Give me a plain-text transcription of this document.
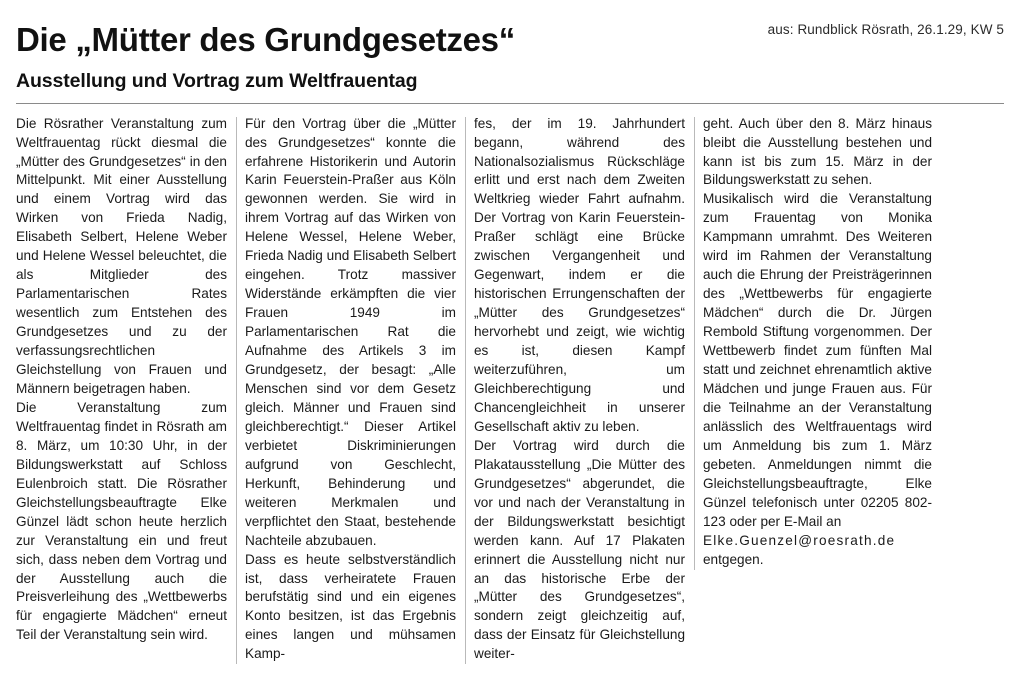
aus: Rundblick Rösrath, 26.1.29, KW 5
Die „Mütter des Grundgesetzes“
Ausstellung und Vortrag zum Weltfrauentag

Die Rösrather Veranstaltung zum Weltfrauentag rückt diesmal die „Mütter des Grundgesetzes“ in den Mittelpunkt. Mit einer Ausstellung und einem Vortrag wird das Wirken von Frieda Nadig, Elisabeth Selbert, Helene Weber und Helene Wessel beleuchtet, die als Mitglieder des Parlamentarischen Rates wesentlich zum Entstehen des Grundgesetzes und zu der verfassungsrechtlichen Gleichstellung von Frauen und Männern beigetragen haben.

Die Veranstaltung zum Weltfrauentag findet in Rösrath am 8. März, um 10:30 Uhr, in der Bildungswerkstatt auf Schloss Eulenbroich statt. Die Rösrather Gleichstellungsbeauftragte Elke Günzel lädt schon heute herzlich zur Veranstaltung ein und freut sich, dass neben dem Vortrag und der Ausstellung auch die Preisverleihung des „Wettbewerbs für engagierte Mädchen“ erneut Teil der Veranstaltung sein wird.

Für den Vortrag über die „Mütter des Grundgesetzes“ konnte die erfahrene Historikerin und Autorin Karin Feuerstein-Praßer aus Köln gewonnen werden. Sie wird in ihrem Vortrag auf das Wirken von Helene Wessel, Helene Weber, Frieda Nadig und Elisabeth Selbert eingehen. Trotz massiver Widerstände erkämpften die vier Frauen 1949 im Parlamentarischen Rat die Aufnahme des Artikels 3 im Grundgesetz, der besagt: „Alle Menschen sind vor dem Gesetz gleich. Männer und Frauen sind gleichberechtigt.“ Dieser Artikel verbietet Diskriminierungen aufgrund von Geschlecht, Herkunft, Behinderung und weiteren Merkmalen und verpflichtet den Staat, bestehende Nachteile abzubauen.

Dass es heute selbstverständlich ist, dass verheiratete Frauen berufstätig sind und ein eigenes Konto besitzen, ist das Ergebnis eines langen und mühsamen Kamp-

fes, der im 19. Jahrhundert begann, während des Nationalsozialismus Rückschläge erlitt und erst nach dem Zweiten Weltkrieg wieder Fahrt aufnahm. Der Vortrag von Karin Feuerstein-Praßer schlägt eine Brücke zwischen Vergangenheit und Gegenwart, indem er die historischen Errungenschaften der „Mütter des Grundgesetzes“ hervorhebt und zeigt, wie wichtig es ist, diesen Kampf weiterzuführen, um Gleichberechtigung und Chancengleichheit in unserer Gesellschaft aktiv zu leben.

Der Vortrag wird durch die Plakatausstellung „Die Mütter des Grundgesetzes“ abgerundet, die vor und nach der Veranstaltung in der Bildungswerkstatt besichtigt werden kann. Auf 17 Plakaten erinnert die Ausstellung nicht nur an das historische Erbe der „Mütter des Grundgesetzes“, sondern zeigt gleichzeitig auf, dass der Einsatz für Gleichstellung weiter-

geht. Auch über den 8. März hinaus bleibt die Ausstellung bestehen und kann ist bis zum 15. März in der Bildungswerkstatt zu sehen.

Musikalisch wird die Veranstaltung zum Frauentag von Monika Kampmann umrahmt. Des Weiteren wird im Rahmen der Veranstaltung auch die Ehrung der Preisträgerinnen des „Wettbewerbs für engagierte Mädchen“ durch die Dr. Jürgen Rembold Stiftung vorgenommen. Der Wettbewerb findet zum fünften Mal statt und zeichnet ehrenamtlich aktive Mädchen und junge Frauen aus. Für die Teilnahme an der Veranstaltung anlässlich des Weltfrauentags wird um Anmeldung bis zum 1. März gebeten. Anmeldungen nimmt die Gleichstellungsbeauftragte, Elke Günzel telefonisch unter 02205 802-123 oder per E-Mail an

Elke.Guenzel@roesrath.de

entgegen.
